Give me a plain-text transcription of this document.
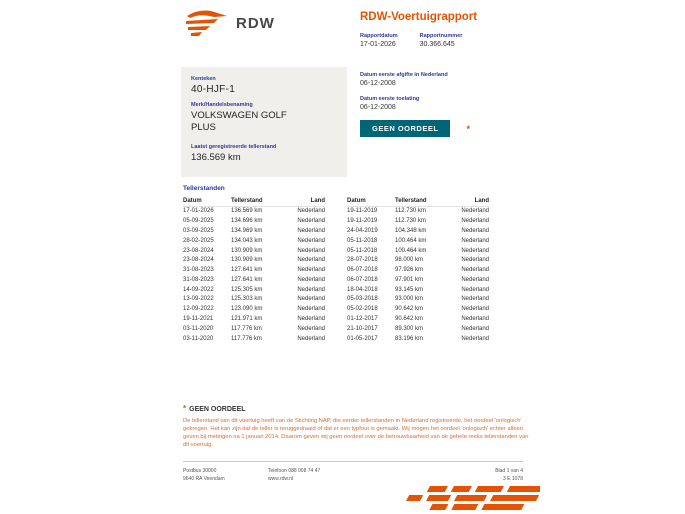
RDW	RDW-Voertuigrapport
Rapportdatum
17-01-2026
Rapportnummer
30.366.645
Kenteken
40-HJF-1
Merk/Handelsbenaming
VOLKSWAGEN GOLF PLUS
Laatst geregistreerde tellerstand
136.569 km
Datum eerste afgifte in Nederland
06-12-2008
Datum eerste toelating
06-12-2008
GEEN OORDEEL	*
Tellerstanden
Datum	Tellerstand	Land
17-01-2026	136.569 km	Nederland
05-09-2025	134.696 km	Nederland
03-09-2025	134.969 km	Nederland
28-02-2025	134.043 km	Nederland
23-08-2024	130.909 km	Nederland
23-08-2024	130.909 km	Nederland
31-08-2023	127.641 km	Nederland
31-08-2023	127.641 km	Nederland
14-09-2022	125.305 km	Nederland
13-09-2022	125.303 km	Nederland
12-09-2022	123.090 km	Nederland
19-11-2021	121.971 km	Nederland
03-11-2020	117.776 km	Nederland
03-11-2020	117.776 km	Nederland
Datum	Tellerstand	Land
19-11-2019	112.730 km	Nederland
19-11-2019	112.730 km	Nederland
24-04-2019	104.348 km	Nederland
05-11-2018	100.464 km	Nederland
05-11-2018	100.464 km	Nederland
28-07-2018	98.000 km	Nederland
06-07-2018	97.926 km	Nederland
06-07-2018	97.901 km	Nederland
18-04-2018	93.145 km	Nederland
05-03-2018	93.000 km	Nederland
05-02-2018	90.642 km	Nederland
01-12-2017	90.642 km	Nederland
21-10-2017	89.300 km	Nederland
01-05-2017	83.196 km	Nederland
* GEEN OORDEEL

De tellerstand van dit voertuig heeft van de Stichting NAP, die eerder tellerstanden in Nederland registreerde, het oordeel 'onlogisch' gekregen. Het kan zijn dat de teller is teruggedraaid of dat er een typfout is gemaakt. Wij mogen het oordeel 'onlogisch' echter alleen geven bij metingen na 1 januari 2014. Daarom geven wij geen oordeel over de betrouwbaarheid van de gehele reeks tellerstanden van dit voertuig.

Postbus 30000
9640 RA Veendam
Telefoon 088 008 74 47
www.rdw.nl
Blad 1 van 4
3 E 1078
